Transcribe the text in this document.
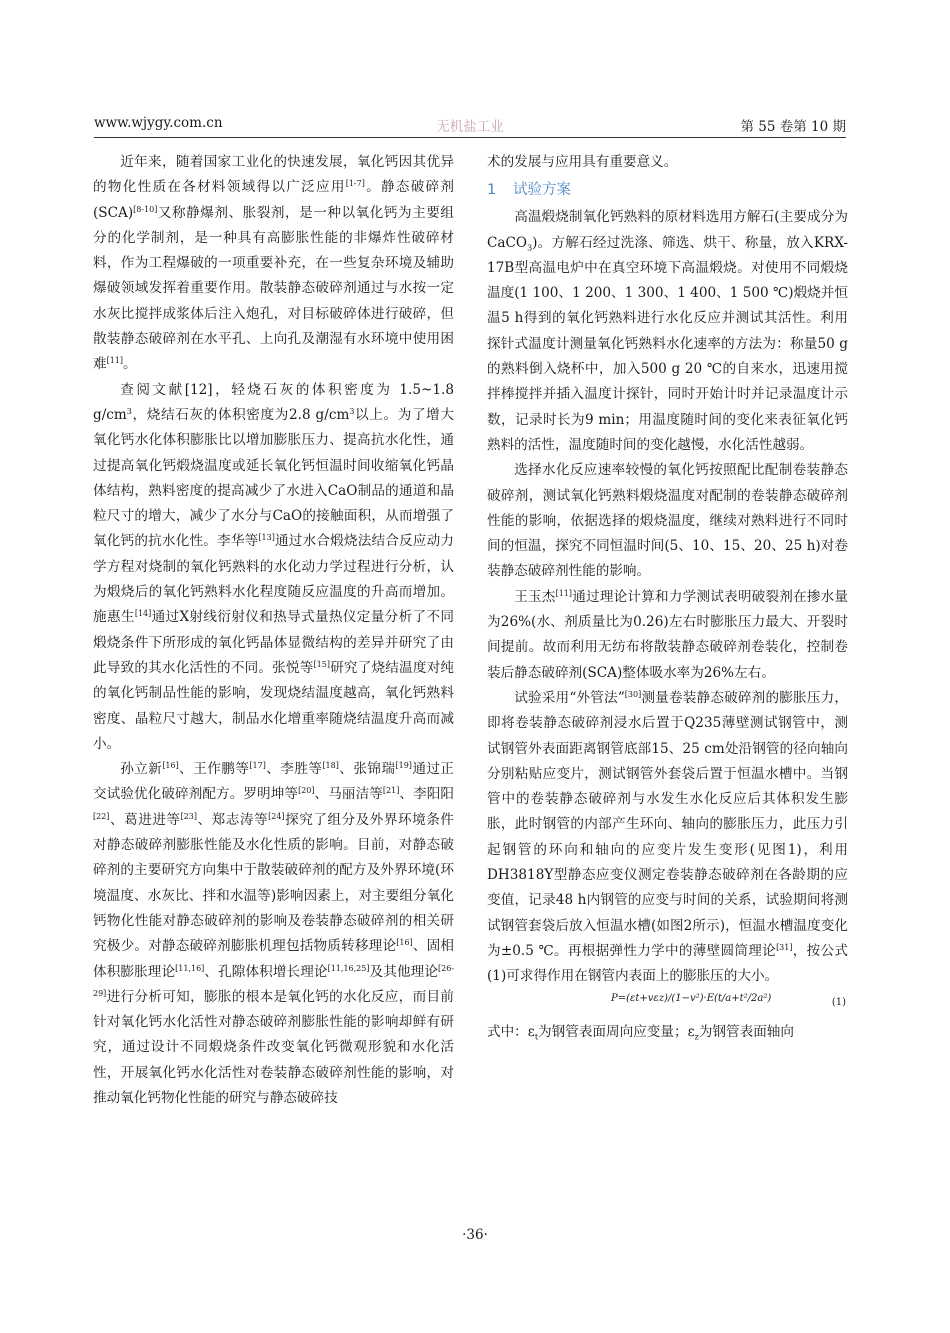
www.wjygy.com.cn	无机盐工业	第 55 卷第 10 期

近年来，随着国家工业化的快速发展，氧化钙因其优异的物化性质在各材料领域得以广泛应用[1-7]。静态破碎剂(SCA)[8-10]又称静爆剂、胀裂剂，是一种以氧化钙为主要组分的化学制剂，是一种具有高膨胀性能的非爆炸性破碎材料，作为工程爆破的一项重要补充，在一些复杂环境及辅助爆破领域发挥着重要作用。散装静态破碎剂通过与水按一定水灰比搅拌成浆体后注入炮孔，对目标破碎体进行破碎，但散装静态破碎剂在水平孔、上向孔及潮湿有水环境中使用困难[11]。

查阅文献[12]，轻烧石灰的体积密度为 1.5~1.8 $g/cm^3$，烧结石灰的体积密度为2.8 $g/cm^3$以上。为了增大氧化钙水化体积膨胀比以增加膨胀压力、提高抗水化性，通过提高氧化钙煅烧温度或延长氧化钙恒温时间收缩氧化钙晶体结构，熟料密度的提高减少了水进入CaO制品的通道和晶粒尺寸的增大，减少了水分与CaO的接触面积，从而增强了氧化钙的抗水化性。李华等[13]通过水合煅烧法结合反应动力学方程对烧制的氧化钙熟料的水化动力学过程进行分析，认为煅烧后的氧化钙熟料水化程度随反应温度的升高而增加。施惠生[14]通过X射线衍射仪和热导式量热仪定量分析了不同煅烧条件下所形成的氧化钙晶体显微结构的差异并研究了由此导致的其水化活性的不同。张悦等[15]研究了烧结温度对纯的氧化钙制品性能的影响，发现烧结温度越高，氧化钙熟料密度、晶粒尺寸越大，制品水化增重率随烧结温度升高而减小。

孙立新[16]、王作鹏等[17]、李胜等[18]、张锦瑞[19]通过正交试验优化破碎剂配方。罗明坤等[20]、马丽洁等[21]、李阳阳[22]、葛进进等[23]、郑志涛等[24]探究了组分及外界环境条件对静态破碎剂膨胀性能及水化性质的影响。目前，对静态破碎剂的主要研究方向集中于散装破碎剂的配方及外界环境(环境温度、水灰比、拌和水温等)影响因素上，对主要组分氧化钙物化性能对静态破碎剂的影响及卷装静态破碎剂的相关研究极少。对静态破碎剂膨胀机理包括物质转移理论[16]、固相体积膨胀理论[11,16]、孔隙体积增长理论[11,16,25]及其他理论[26-29]进行分析可知，膨胀的根本是氧化钙的水化反应，而目前针对氧化钙水化活性对静态破碎剂膨胀性能的影响却鲜有研究，通过设计不同煅烧条件改变氧化钙微观形貌和水化活性，开展氧化钙水化活性对卷装静态破碎剂性能的影响，对推动氧化钙物化性能的研究与静态破碎技

术的发展与应用具有重要意义。

1 试验方案

高温煅烧制氧化钙熟料的原材料选用方解石(主要成分为CaCO$_3$)。方解石经过洗涤、筛选、烘干、称量，放入KRX-17B型高温电炉中在真空环境下高温煅烧。对使用不同煅烧温度(1 100、1 200、1 300、1 400、1 500 ℃)煅烧并恒温5 h得到的氧化钙熟料进行水化反应并测试其活性。利用探针式温度计测量氧化钙熟料水化速率的方法为：称量50 g的熟料倒入烧杯中，加入500 g 20 ℃的自来水，迅速用搅拌棒搅拌并插入温度计探针，同时开始计时并记录温度计示数，记录时长为9 min；用温度随时间的变化来表征氧化钙熟料的活性，温度随时间的变化越慢，水化活性越弱。

选择水化反应速率较慢的氧化钙按照配比配制卷装静态破碎剂，测试氧化钙熟料煅烧温度对配制的卷装静态破碎剂性能的影响，依据选择的煅烧温度，继续对熟料进行不同时间的恒温，探究不同恒温时间(5、10、15、20、25 h)对卷装静态破碎剂性能的影响。

王玉杰[11]通过理论计算和力学测试表明破裂剂在掺水量为26%(水、剂质量比为0.26)左右时膨胀压力最大、开裂时间提前。故而利用无纺布将散装静态破碎剂卷装化，控制卷装后静态破碎剂(SCA)整体吸水率为26%左右。

试验采用“外管法”[30]测量卷装静态破碎剂的膨胀压力，即将卷装静态破碎剂浸水后置于Q235薄壁测试钢管中，测试钢管外表面距离钢管底部15、25 cm处沿钢管的径向轴向分别粘贴应变片，测试钢管外套袋后置于恒温水槽中。当钢管中的卷装静态破碎剂与水发生水化反应后其体积发生膨胀，此时钢管的内部产生环向、轴向的膨胀压力，此压力引起钢管的环向和轴向的应变片发生变形(见图1)，利用DH3818Y型静态应变仪测定卷装静态破碎剂在各龄期的应变值，记录48 h内钢管的应变与时间的关系，试验期间将测试钢管套袋后放入恒温水槽(如图2所示)，恒温水槽温度变化为±0.5 ℃。再根据弹性力学中的薄壁圆筒理论[31]，按公式(1)可求得作用在钢管内表面上的膨胀压的大小。

P=(εt+vεz)/(1−v²)·E(t/a+t²/2a²)	(1)

式中：$\varepsilon_t$为钢管表面周向应变量；$\varepsilon_z$为钢管表面轴向

·36·
